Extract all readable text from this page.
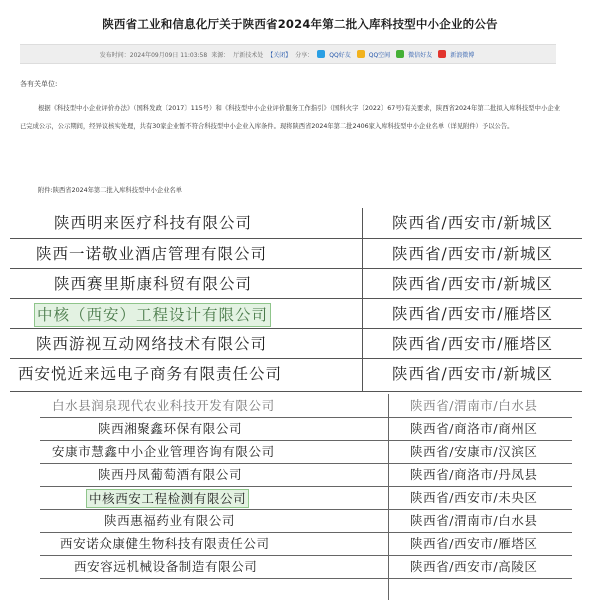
陕西省工业和信息化厅关于陕西省2024年第二批入库科技型中小企业的公告
发布时间：2024年09月09日 11:03:58 来源： 厅新技术处 【关闭】 分享：	QQ好友	QQ空间	微信好友	新浪微博
各有关单位:
根据《科技型中小企业评价办法》（国科发政〔2017〕115号）和《科技型中小企业评价服务工作指引》（国科火字〔2022〕67号)有关要求，陕西省2024年第二批拟入库科技型中小企业已完成公示，公示期间，经异议核实处理，共有30家企业暂不符合科技型中小企业入库条件。现将陕西省2024年第二批2406家入库科技型中小企业名单（详见附件）予以公告。
附件:陕西省2024年第二批入库科技型中小企业名单
陕西明来医疗科技有限公司	陕西省/西安市/新城区
陕西一诺敬业酒店管理有限公司	陕西省/西安市/新城区
陕西赛里斯康科贸有限公司	陕西省/西安市/新城区
中核（西安）工程设计有限公司	陕西省/西安市/雁塔区
陕西游视互动网络技术有限公司	陕西省/西安市/雁塔区
西安悦近来远电子商务有限责任公司	陕西省/西安市/新城区
白水县润泉现代农业科技开发有限公司	陕西省/渭南市/白水县
陕西湘聚鑫环保有限公司	陕西省/商洛市/商州区
安康市慧鑫中小企业管理咨询有限公司	陕西省/安康市/汉滨区
陕西丹凤葡萄酒有限公司	陕西省/商洛市/丹凤县
中核西安工程检测有限公司	陕西省/西安市/未央区
陕西惠福药业有限公司	陕西省/渭南市/白水县
西安诺众康健生物科技有限责任公司	陕西省/西安市/雁塔区
西安容远机械设备制造有限公司	陕西省/西安市/高陵区
